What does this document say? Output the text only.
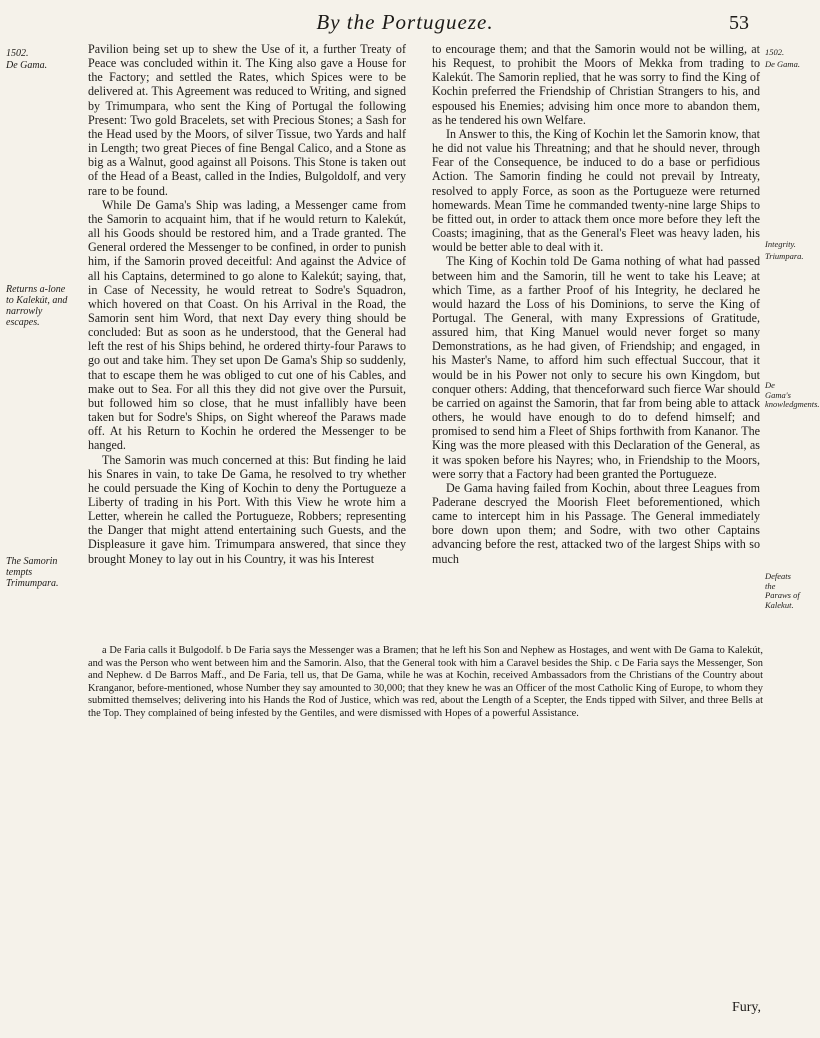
By the Portugueze.	53
1502.
De Gama.
Returns a-lone to Kalekút, and narrowly escapes.
The Samorin tempts Trimumpara.
1502.
De Gama.
Integrity.
Triumpara.
De Gama's knowledgments.
Defeats the Paraws of Kalekut.

Pavilion being set up to shew the Use of it, a further Treaty of Peace was concluded within it. The King also gave a House for the Factory; and settled the Rates, which Spices were to be delivered at. This Agreement was reduced to Writing, and signed by Trimumpara, who sent the King of Portugal the following Present: Two gold Bracelets, set with Precious Stones; a Sash for the Head used by the Moors, of silver Tissue, two Yards and half in Length; two great Pieces of fine Bengal Calico, and a Stone as big as a Walnut, good against all Poisons. This Stone is taken out of the Head of a Beast, called in the Indies, Bulgoldolf, and very rare to be found.

While De Gama's Ship was lading, a Messenger came from the Samorin to acquaint him, that if he would return to Kalekút, all his Goods should be restored him, and a Trade granted. The General ordered the Messenger to be confined, in order to punish him, if the Samorin proved deceitful: And against the Advice of all his Captains, determined to go alone to Kalekút; saying, that, in Case of Necessity, he would retreat to Sodre's Squadron, which hovered on that Coast. On his Arrival in the Road, the Samorin sent him Word, that next Day every thing should be concluded: But as soon as he understood, that the General had left the rest of his Ships behind, he ordered thirty-four Paraws to go out and take him. They set upon De Gama's Ship so suddenly, that to escape them he was obliged to cut one of his Cables, and make out to Sea. For all this they did not give over the Pursuit, but followed him so close, that he must infallibly have been taken but for Sodre's Ships, on Sight whereof the Paraws made off. At his Return to Kochin he ordered the Messenger to be hanged.

The Samorin was much concerned at this: But finding he laid his Snares in vain, to take De Gama, he resolved to try whether he could persuade the King of Kochin to deny the Portugueze a Liberty of trading in his Port. With this View he wrote him a Letter, wherein he called the Portugueze, Robbers; representing the Danger that might attend entertaining such Guests, and the Displeasure it gave him. Trimumpara answered, that since they brought Money to lay out in his Country, it was his Interest

to encourage them; and that the Samorin would not be willing, at his Request, to prohibit the Moors of Mekka from trading to Kalekút. The Samorin replied, that he was sorry to find the King of Kochin preferred the Friendship of Christian Strangers to his, and espoused his Enemies; advising him once more to abandon them, as he tendered his own Welfare.

In Answer to this, the King of Kochin let the Samorin know, that he did not value his Threatning; and that he should never, through Fear of the Consequence, be induced to do a base or perfidious Action. The Samorin finding he could not prevail by Intreaty, resolved to apply Force, as soon as the Portugueze were returned homewards. Mean Time he commanded twenty-nine large Ships to be fitted out, in order to attack them once more before they left the Coasts; imagining, that as the General's Fleet was heavy laden, his would be better able to deal with it.

The King of Kochin told De Gama nothing of what had passed between him and the Samorin, till he went to take his Leave; at which Time, as a farther Proof of his Integrity, he declared he would hazard the Loss of his Dominions, to serve the King of Portugal. The General, with many Expressions of Gratitude, assured him, that King Manuel would never forget so many Demonstrations, as he had given, of Friendship; and engaged, in his Master's Name, to afford him such effectual Succour, that it would be in his Power not only to secure his own Kingdom, but conquer others: Adding, that thenceforward such fierce War should be carried on against the Samorin, that far from being able to attack others, he would have enough to do to defend himself; and promised to send him a Fleet of Ships forthwith from Kananor. The King was the more pleased with this Declaration of the General, as it was spoken before his Nayres; who, in Friendship to the Moors, were sorry that a Factory had been granted the Portugueze.

De Gama having failed from Kochin, about three Leagues from Paderane descryed the Moorish Fleet beforementioned, which came to intercept him in his Passage. The General immediately bore down upon them; and Sodre, with two other Captains advancing before the rest, attacked two of the largest Ships with so much

a De Faria calls it Bulgodolf. b De Faria says the Messenger was a Bramen; that he left his Son and Nephew as Hostages, and went with De Gama to Kalekút, and was the Person who went between him and the Samorin. Also, that the General took with him a Caravel besides the Ship. c De Faria says the Messenger, Son and Nephew. d De Barros Maff., and De Faria, tell us, that De Gama, while he was at Kochin, received Ambassadors from the Christians of the Country about Kranganor, before-mentioned, whose Number they say amounted to 30,000; that they knew he was an Officer of the most Catholic King of Europe, to whom they submitted themselves; delivering into his Hands the Rod of Justice, which was red, about the Length of a Scepter, the Ends tipped with Silver, and three Bells at the Top. They complained of being infested by the Gentiles, and were dismissed with Hopes of a powerful Assistance.

Fury,
